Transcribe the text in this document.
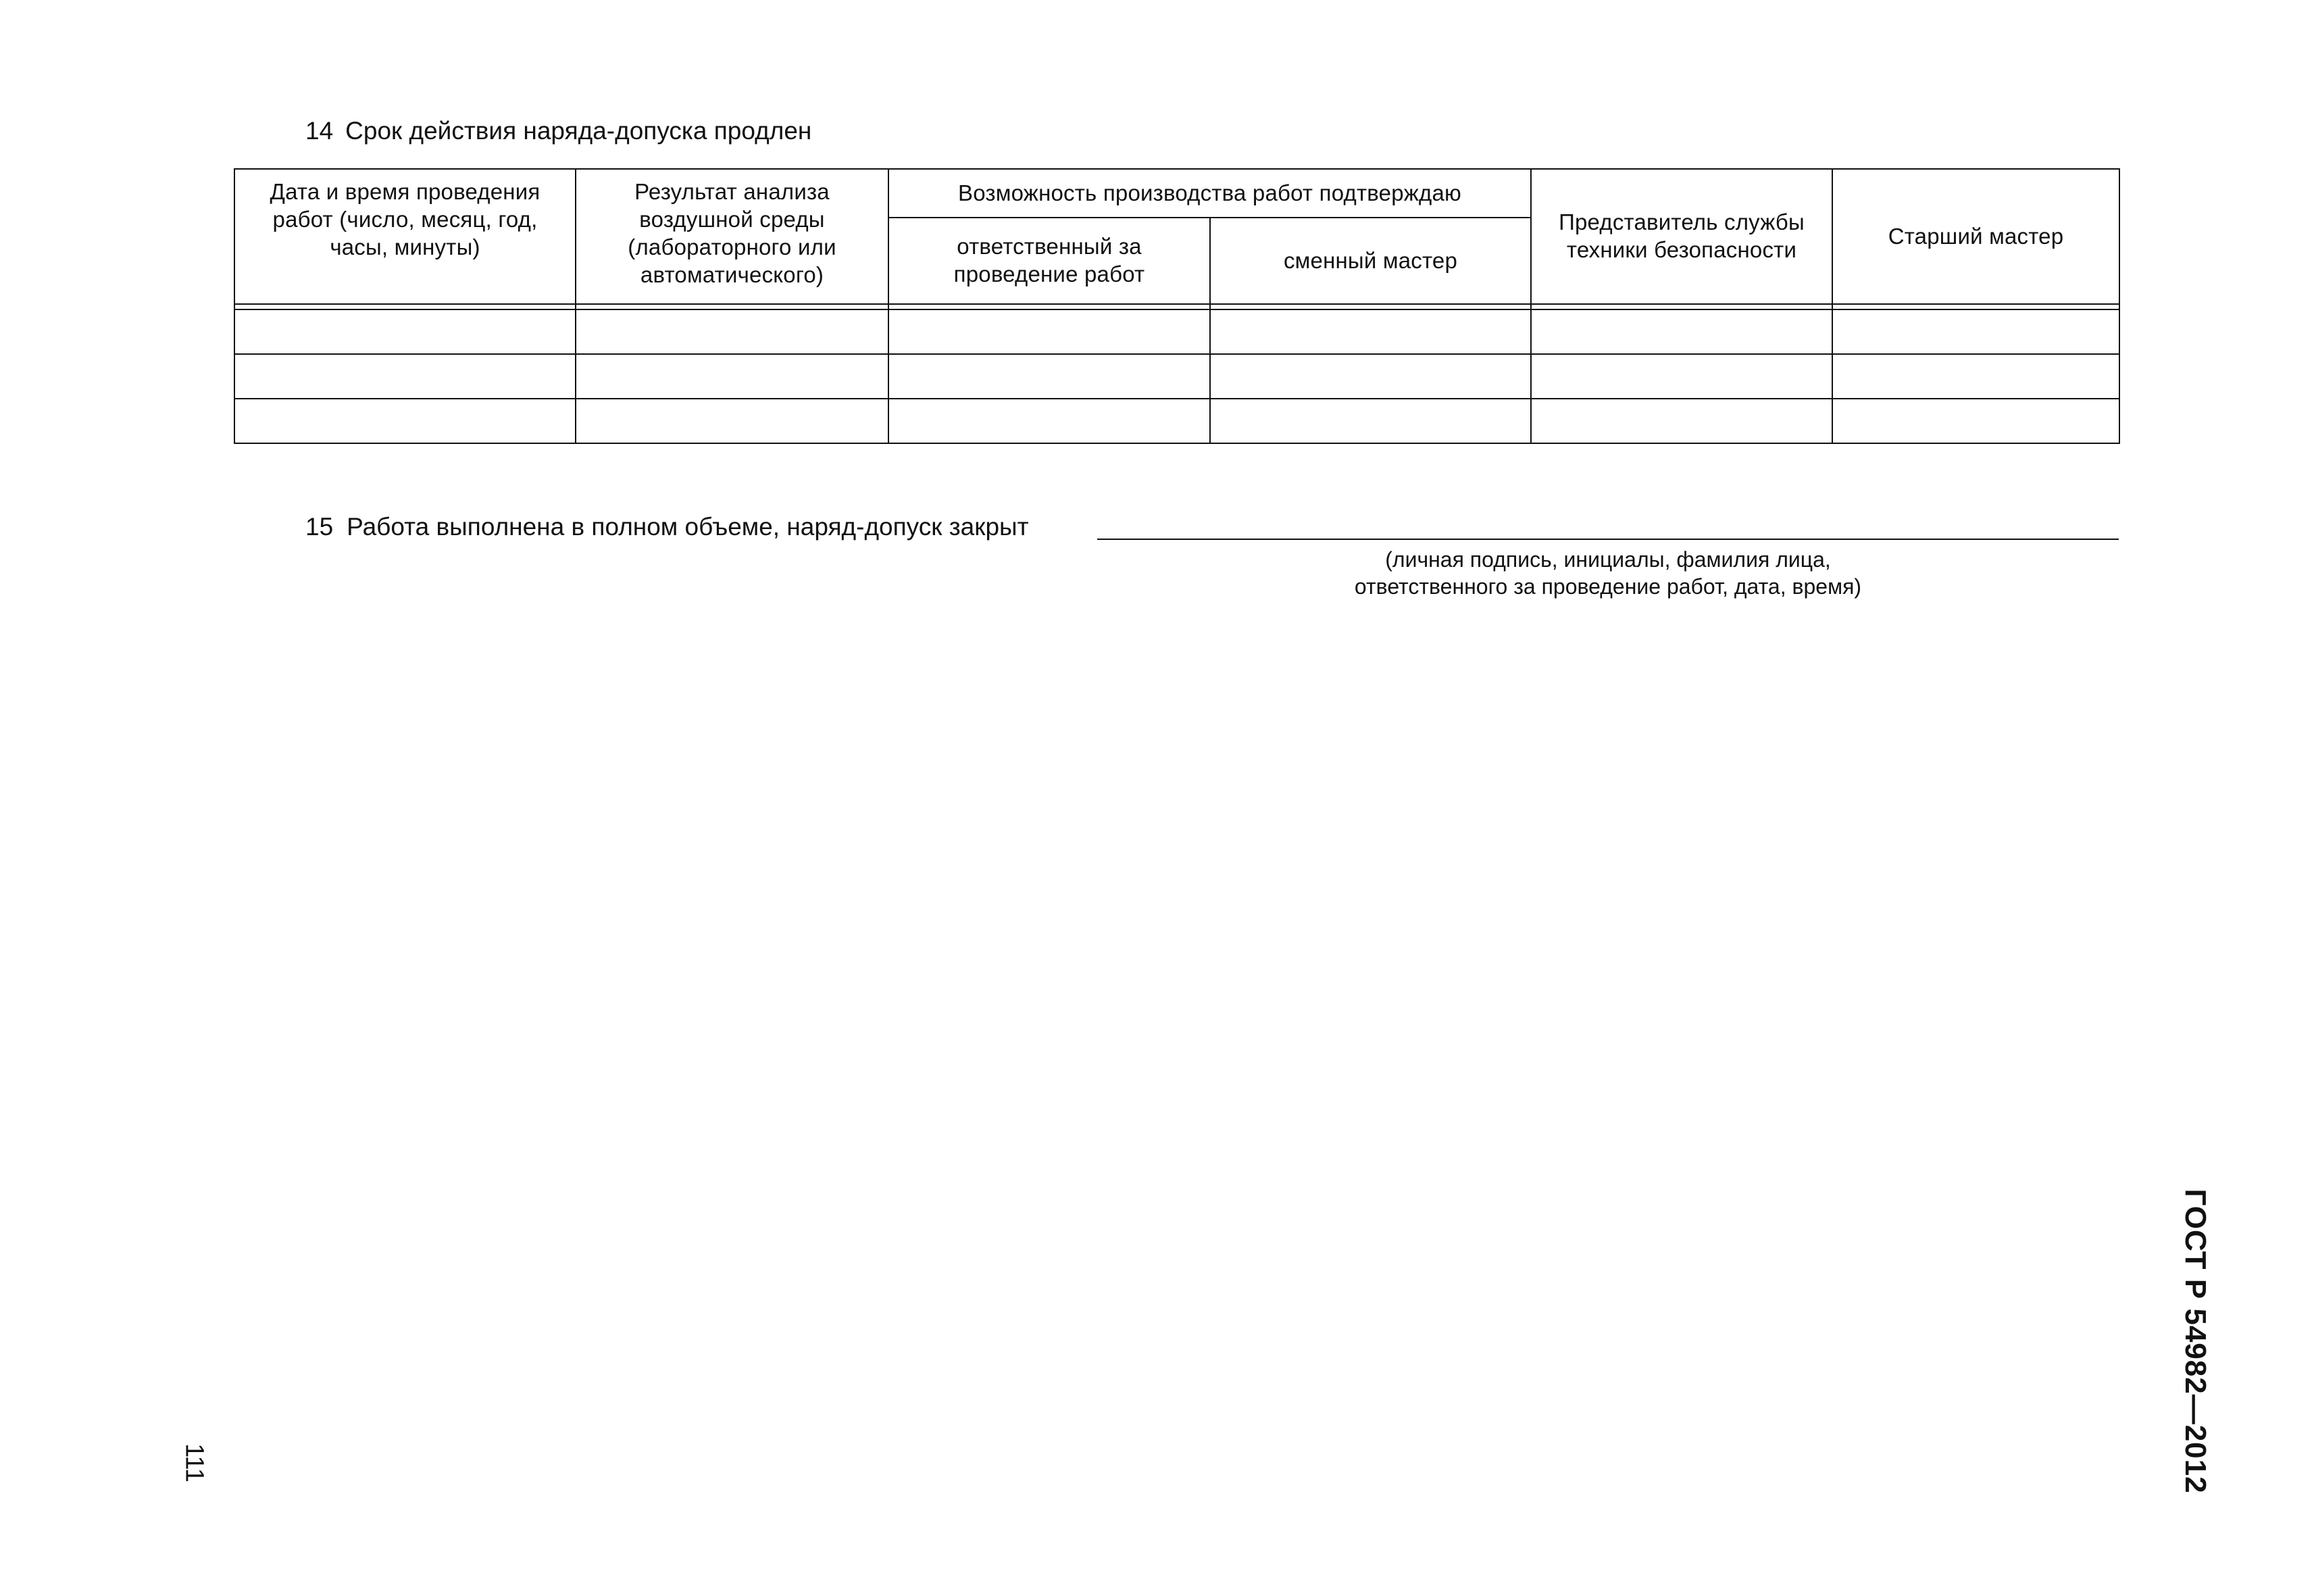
14 Срок действия наряда-допуска продлен
Дата и время проведения работ (число, месяц, год, часы, минуты)	Результат анализа воздушной среды (лабораторного или автоматического)	Возможность производства работ подтверждаю		Представитель службы техники безопасности	Старший мастер
		ответственный за проведение работ	сменный мастер		

15 Работа выполнена в полном объеме, наряд-допуск закрыт
(личная подпись, инициалы, фамилия лица,
ответственного за проведение работ, дата, время)
ГОСТ Р 54982—2012
111
